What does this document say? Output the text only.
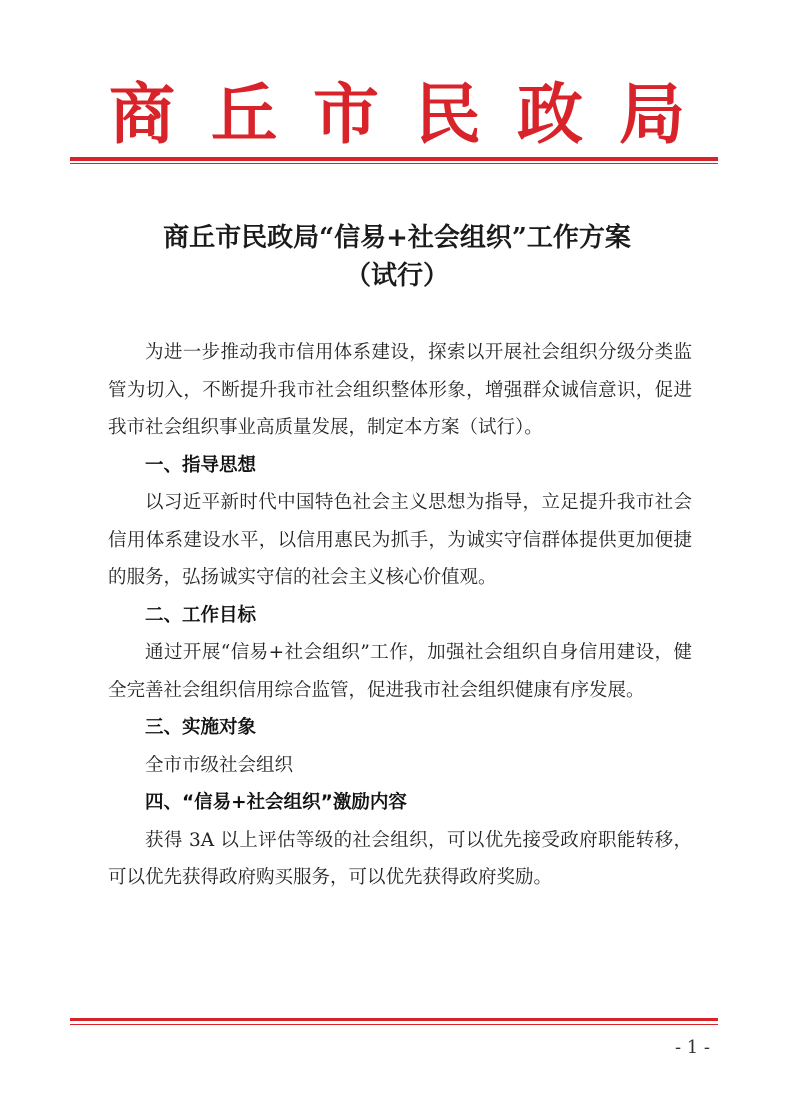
商丘市民政局
商丘市民政局“信易+社会组织”工作方案
（试行）

为进一步推动我市信用体系建设，探索以开展社会组织分级分类监管为切入，不断提升我市社会组织整体形象，增强群众诚信意识，促进我市社会组织事业高质量发展，制定本方案（试行）。

一、指导思想

以习近平新时代中国特色社会主义思想为指导，立足提升我市社会信用体系建设水平，以信用惠民为抓手，为诚实守信群体提供更加便捷的服务，弘扬诚实守信的社会主义核心价值观。

二、工作目标

通过开展“信易+社会组织”工作，加强社会组织自身信用建设，健全完善社会组织信用综合监管，促进我市社会组织健康有序发展。

三、实施对象

全市市级社会组织

四、“信易+社会组织”激励内容

获得 3A 以上评估等级的社会组织，可以优先接受政府职能转移，可以优先获得政府购买服务，可以优先获得政府奖励。

- 1 -
